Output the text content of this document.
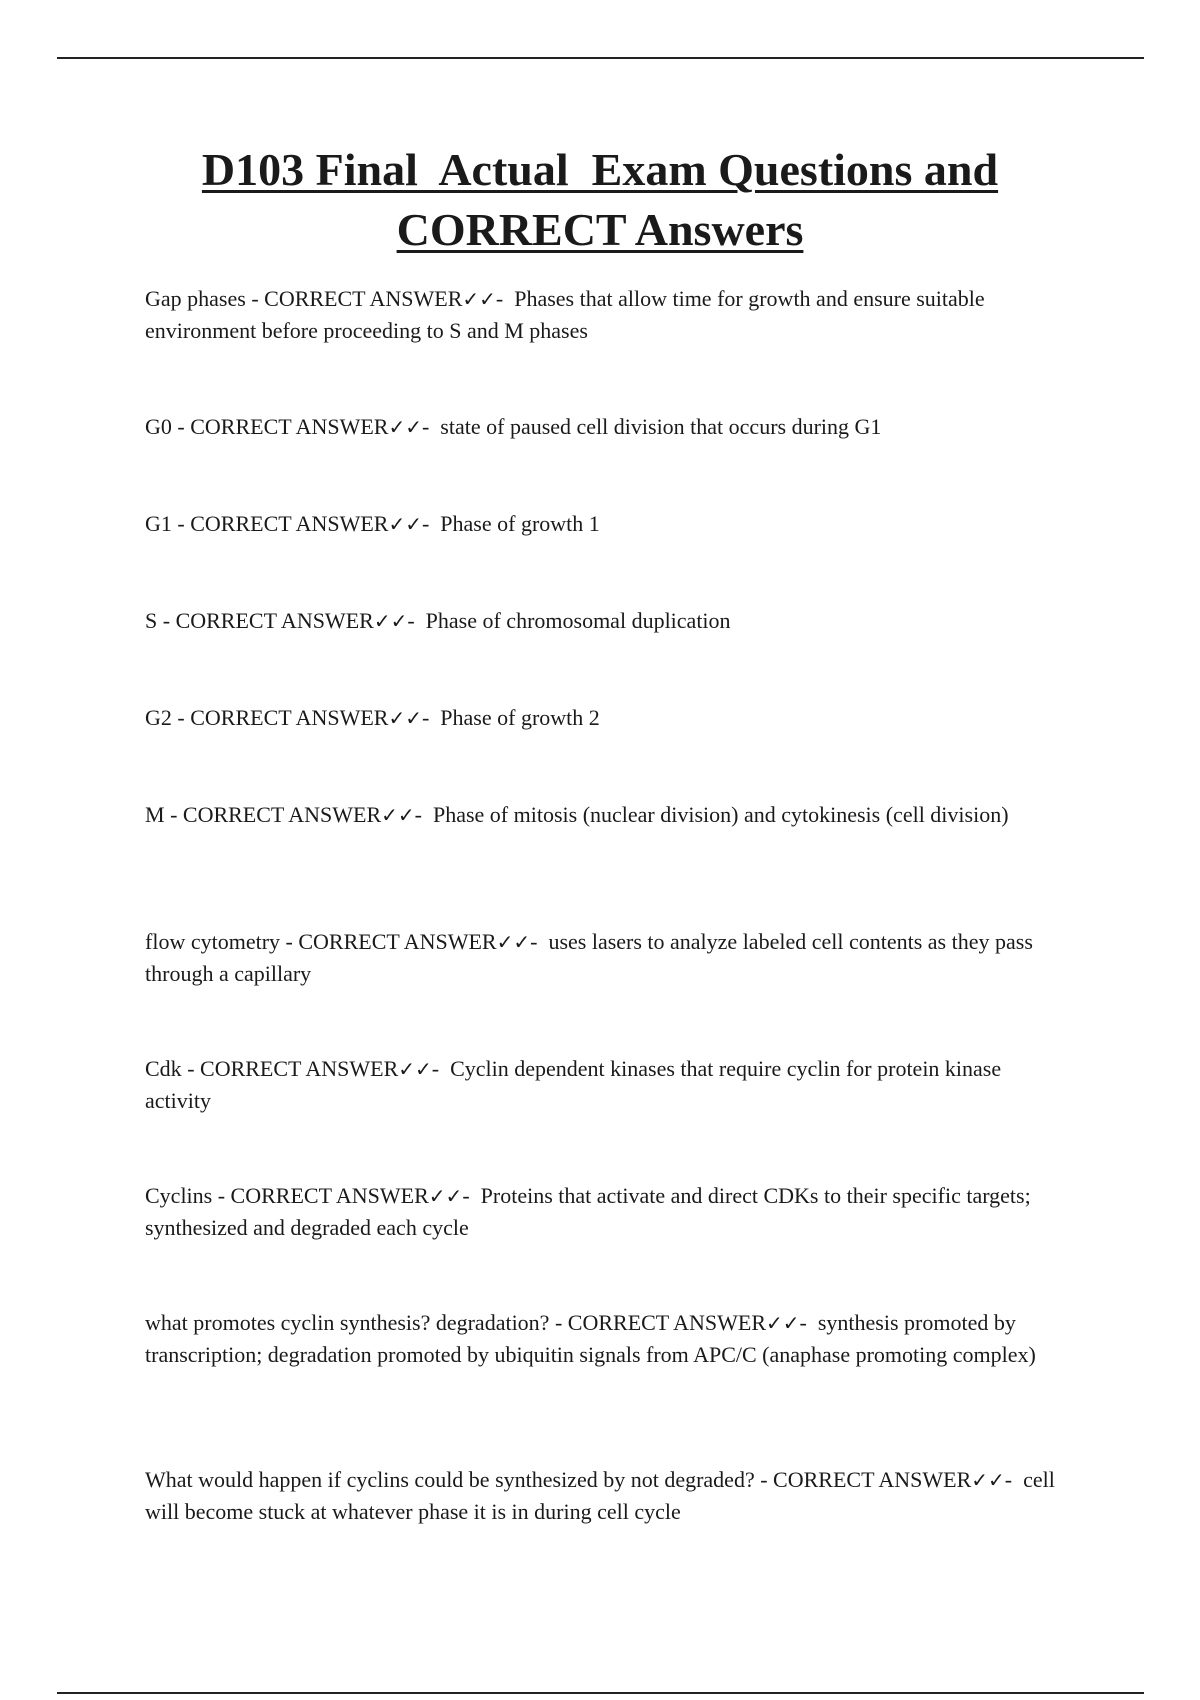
D103 Final  Actual  Exam Questions and
CORRECT Answers

Gap phases - CORRECT ANSWER✓✓-  Phases that allow time for growth and ensure suitable environment before proceeding to S and M phases

G0 - CORRECT ANSWER✓✓-  state of paused cell division that occurs during G1

G1 - CORRECT ANSWER✓✓-  Phase of growth 1

S - CORRECT ANSWER✓✓-  Phase of chromosomal duplication

G2 - CORRECT ANSWER✓✓-  Phase of growth 2

M - CORRECT ANSWER✓✓-  Phase of mitosis (nuclear division) and cytokinesis (cell division)

flow cytometry - CORRECT ANSWER✓✓-  uses lasers to analyze labeled cell contents as they pass through a capillary

Cdk - CORRECT ANSWER✓✓-  Cyclin dependent kinases that require cyclin for protein kinase activity

Cyclins - CORRECT ANSWER✓✓-  Proteins that activate and direct CDKs to their specific targets; synthesized and degraded each cycle

what promotes cyclin synthesis? degradation? - CORRECT ANSWER✓✓-  synthesis promoted by transcription; degradation promoted by ubiquitin signals from APC/C (anaphase promoting complex)

What would happen if cyclins could be synthesized by not degraded? - CORRECT ANSWER✓✓-  cell will become stuck at whatever phase it is in during cell cycle
